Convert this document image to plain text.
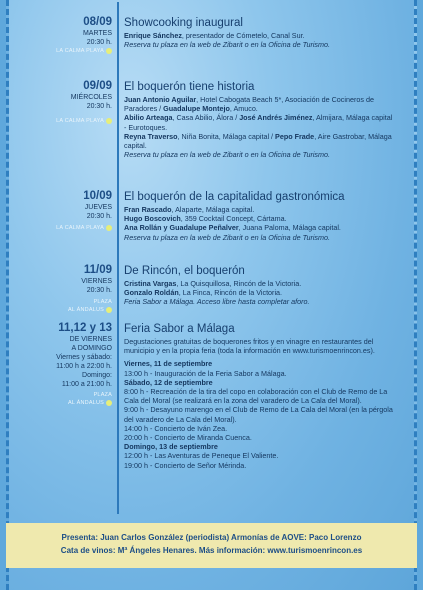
08/09
MARTES
20:30 h.
LA CALMA PLAYA
Showcooking inaugural
Enrique Sánchez, presentador de Cómetelo, Canal Sur.
Reserva tu plaza en la web de Zibarit o en la Oficina de Turismo.
09/09
MIÉRCOLES
20:30 h.
LA CALMA PLAYA
El boquerón tiene historia
Juan Antonio Aguilar, Hotel Cabogata Beach 5*, Asociación de Cocineros de
Paradores / Guadalupe Montejo, Amuco.
Abilio Arteaga, Casa Abilio, Álora / José Andrés Jiménez, Almijara, Málaga capital
- Eurotoques.
Reyna Traverso, Niña Bonita, Málaga capital / Pepo Frade, Aire Gastrobar, Málaga
capital.
Reserva tu plaza en la web de Zibarit o en la Oficina de Turismo.
10/09
JUEVES
20:30 h.
LA CALMA PLAYA
El boquerón de la capitalidad gastronómica
Fran Rascado, Alaparte, Málaga capital.
Hugo Boscovich, 359 Cocktail Concept, Cártama.
Ana Rollán y Guadalupe Peñalver, Juana Paloma, Málaga capital.
Reserva tu plaza en la web de Zibarit o en la Oficina de Turismo.
11/09
VIERNES
20:30 h.
PLAZA
AL ÁNDALUS
De Rincón, el boquerón
Cristina Vargas, La Quisquillosa, Rincón de la Victoria.
Gonzalo Roldán, La Finca, Rincón de la Victoria.
Feria Sabor a Málaga. Acceso libre hasta completar aforo.
11,12 y 13
DE VIERNES
A DOMINGO
Viernes y sábado:
11:00 h a 22:00 h.
Domingo:
11:00 a 21:00 h.
PLAZA
AL ÁNDALUS
Feria Sabor a Málaga
Degustaciones gratuitas de boquerones fritos y en vinagre en restaurantes del
municipio y en la propia feria (toda la información en www.turismoenrincon.es).
Viernes, 11 de septiembre
13:00 h - Inauguración de la Feria Sabor a Málaga.
Sábado, 12 de septiembre
8:00 h - Recreación de la tira del copo en colaboración con el Club de Remo de La
Cala del Moral (se realizará en la zona del varadero de La Cala del Moral).
9:00 h - Desayuno marengo en el Club de Remo de La Cala del Moral (en la pérgola
del varadero de La Cala del Moral).
14:00 h - Concierto de Iván Zea.
20:00 h - Concierto de Miranda Cuenca.
Domingo, 13 de septiembre
12:00 h - Las Aventuras de Peneque El Valiente.
19:00 h - Concierto de Señor Mérinda.
Presenta: Juan Carlos González (periodista) Armonías de AOVE: Paco Lorenzo
Cata de vinos: Mª Ángeles Henares. Más información: www.turismoenrincon.es
